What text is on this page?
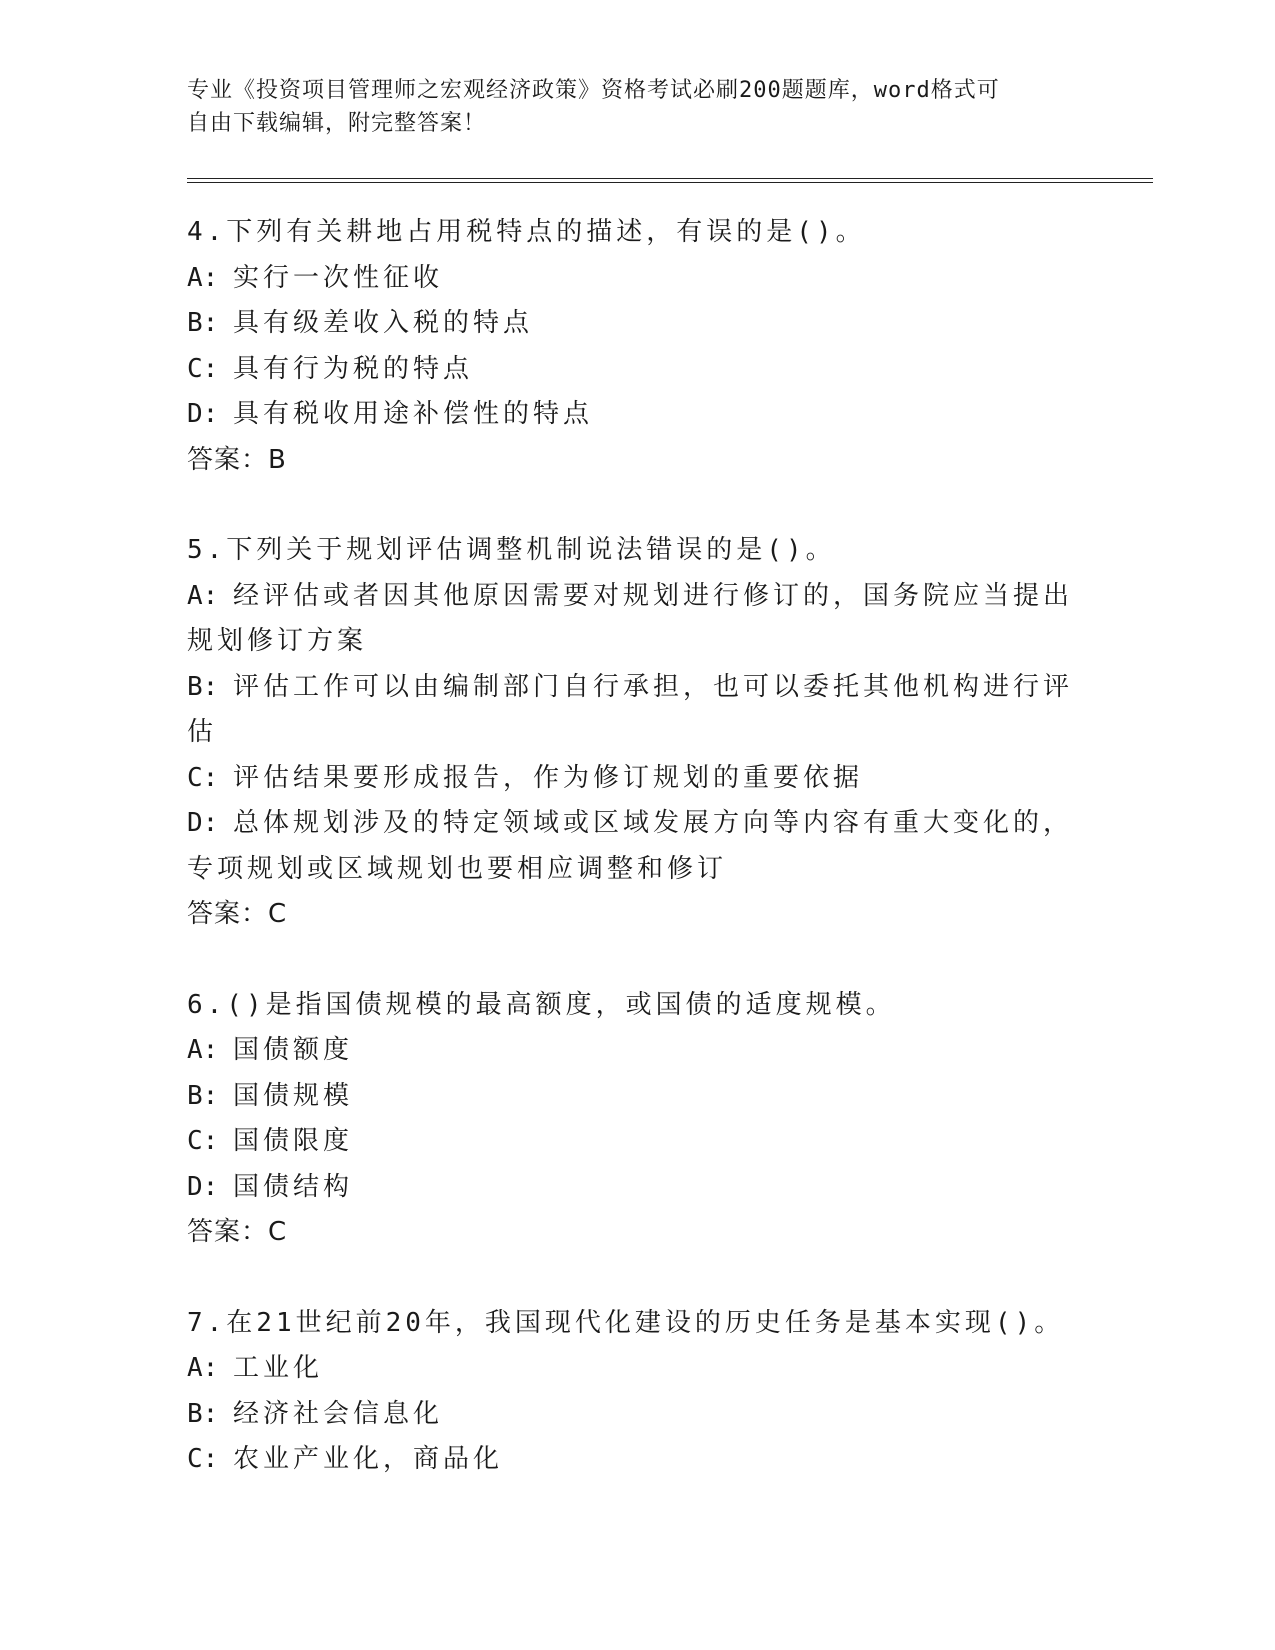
专业《投资项目管理师之宏观经济政策》资格考试必刷200题题库，word格式可
自由下载编辑，附完整答案！
4.下列有关耕地占用税特点的描述，有误的是()。
A: 实行一次性征收
B: 具有级差收入税的特点
C: 具有行为税的特点
D: 具有税收用途补偿性的特点
答案：B
5.下列关于规划评估调整机制说法错误的是()。
A: 经评估或者因其他原因需要对规划进行修订的，国务院应当提出规划修订方案
B: 评估工作可以由编制部门自行承担，也可以委托其他机构进行评估
C: 评估结果要形成报告，作为修订规划的重要依据
D: 总体规划涉及的特定领域或区域发展方向等内容有重大变化的，专项规划或区域规划也要相应调整和修订
答案：C
6.()是指国债规模的最高额度，或国债的适度规模。
A: 国债额度
B: 国债规模
C: 国债限度
D: 国债结构
答案：C
7.在21世纪前20年，我国现代化建设的历史任务是基本实现()。
A: 工业化
B: 经济社会信息化
C: 农业产业化，商品化
